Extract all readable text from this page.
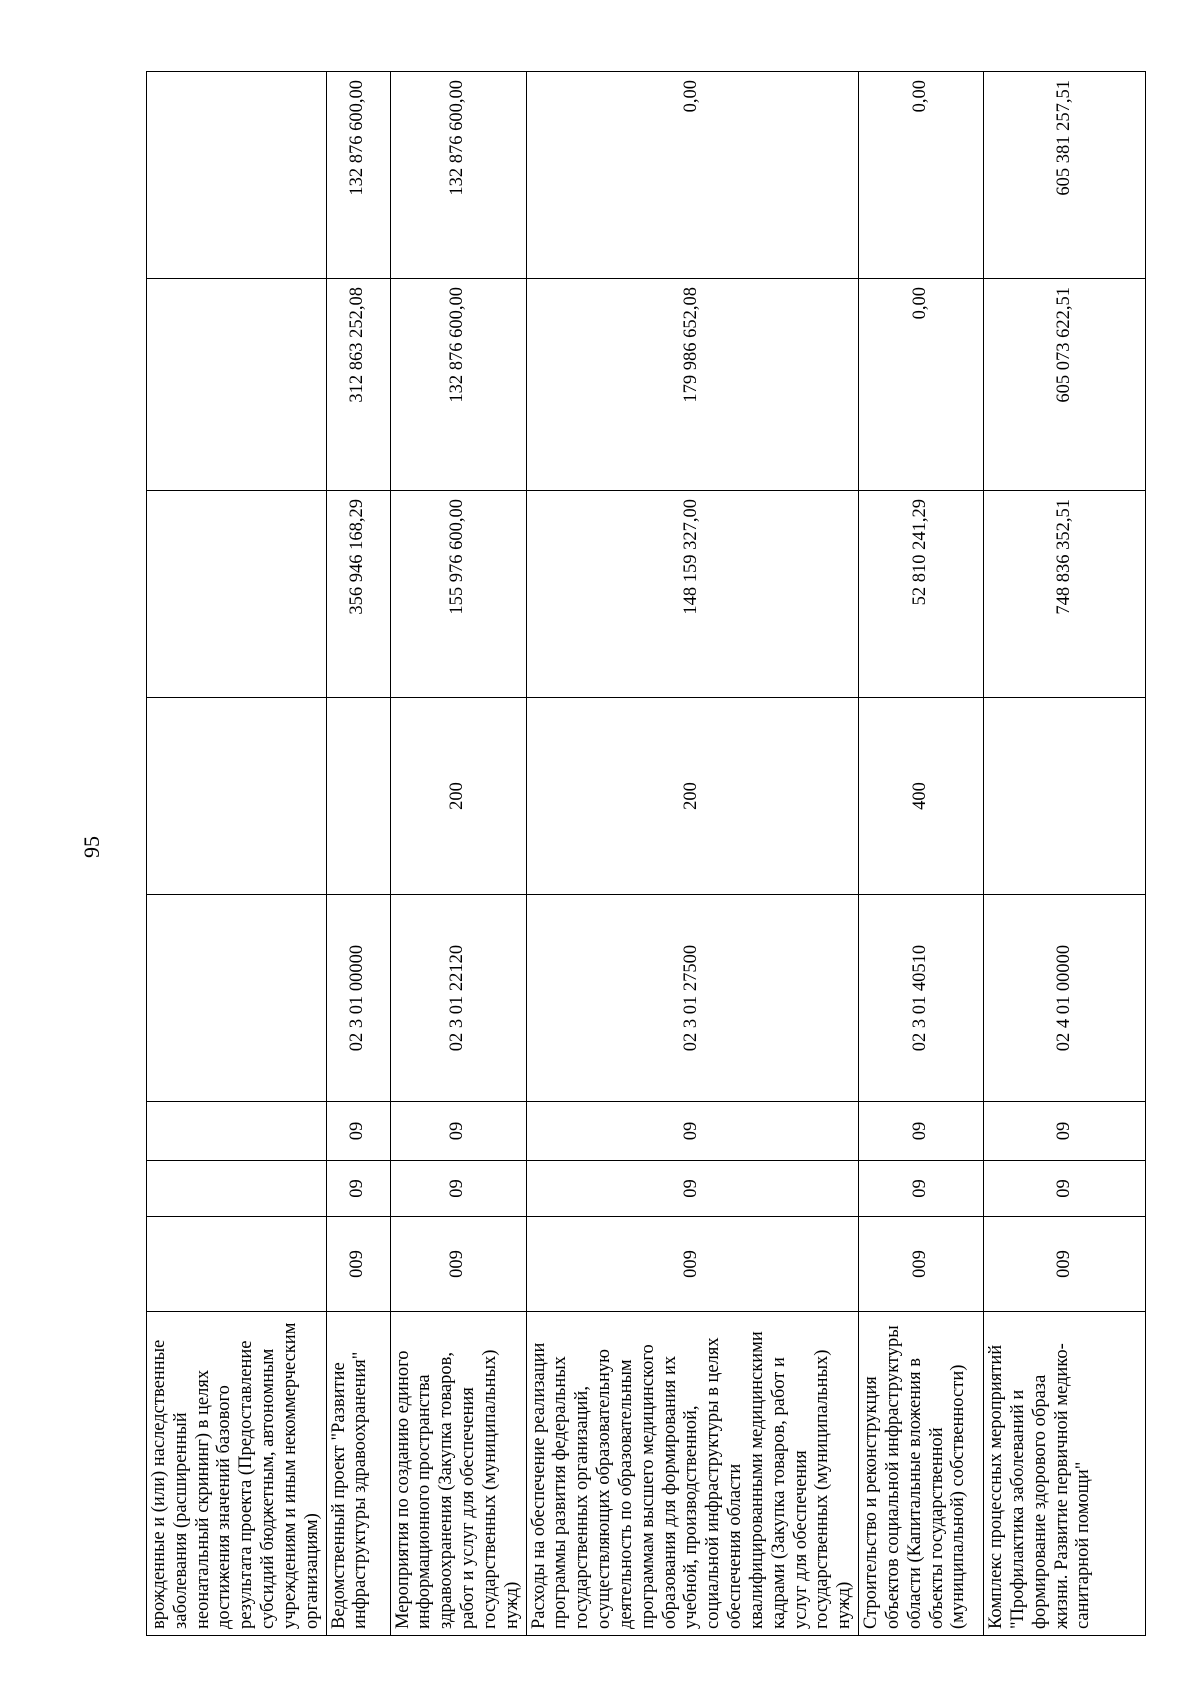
95
врожденные и (или) наследственные заболевания (расширенный неонатальный скрининг) в целях достижения значений базового результата проекта (Предоставление субсидий бюджетным, автономным учреждениям и иным некоммерческим организациям)								
Ведомственный проект "Развитие инфраструктуры здравоохранения"	009	09	09	02 3 01 00000		356 946 168,29	312 863 252,08	132 876 600,00
Мероприятия по созданию единого информационного пространства здравоохранения (Закупка товаров, работ и услуг для обеспечения государственных (муниципальных) нужд)	009	09	09	02 3 01 22120	200	155 976 600,00	132 876 600,00	132 876 600,00
Расходы на обеспечение реализации программы развития федеральных государственных организаций, осуществляющих образовательную деятельность по образовательным программам высшего медицинского образования для формирования их учебной, производственной, социальной инфраструктуры в целях обеспечения области квалифицированными медицинскими кадрами (Закупка товаров, работ и услуг для обеспечения государственных (муниципальных) нужд)	009	09	09	02 3 01 27500	200	148 159 327,00	179 986 652,08	0,00
Строительство и реконструкция объектов социальной инфраструктуры области (Капитальные вложения в объекты государственной (муниципальной) собственности)	009	09	09	02 3 01 40510	400	52 810 241,29	0,00	0,00
Комплекс процессных мероприятий "Профилактика заболеваний и формирование здорового образа жизни. Развитие первичной медико-санитарной помощи"	009	09	09	02 4 01 00000		748 836 352,51	605 073 622,51	605 381 257,51
